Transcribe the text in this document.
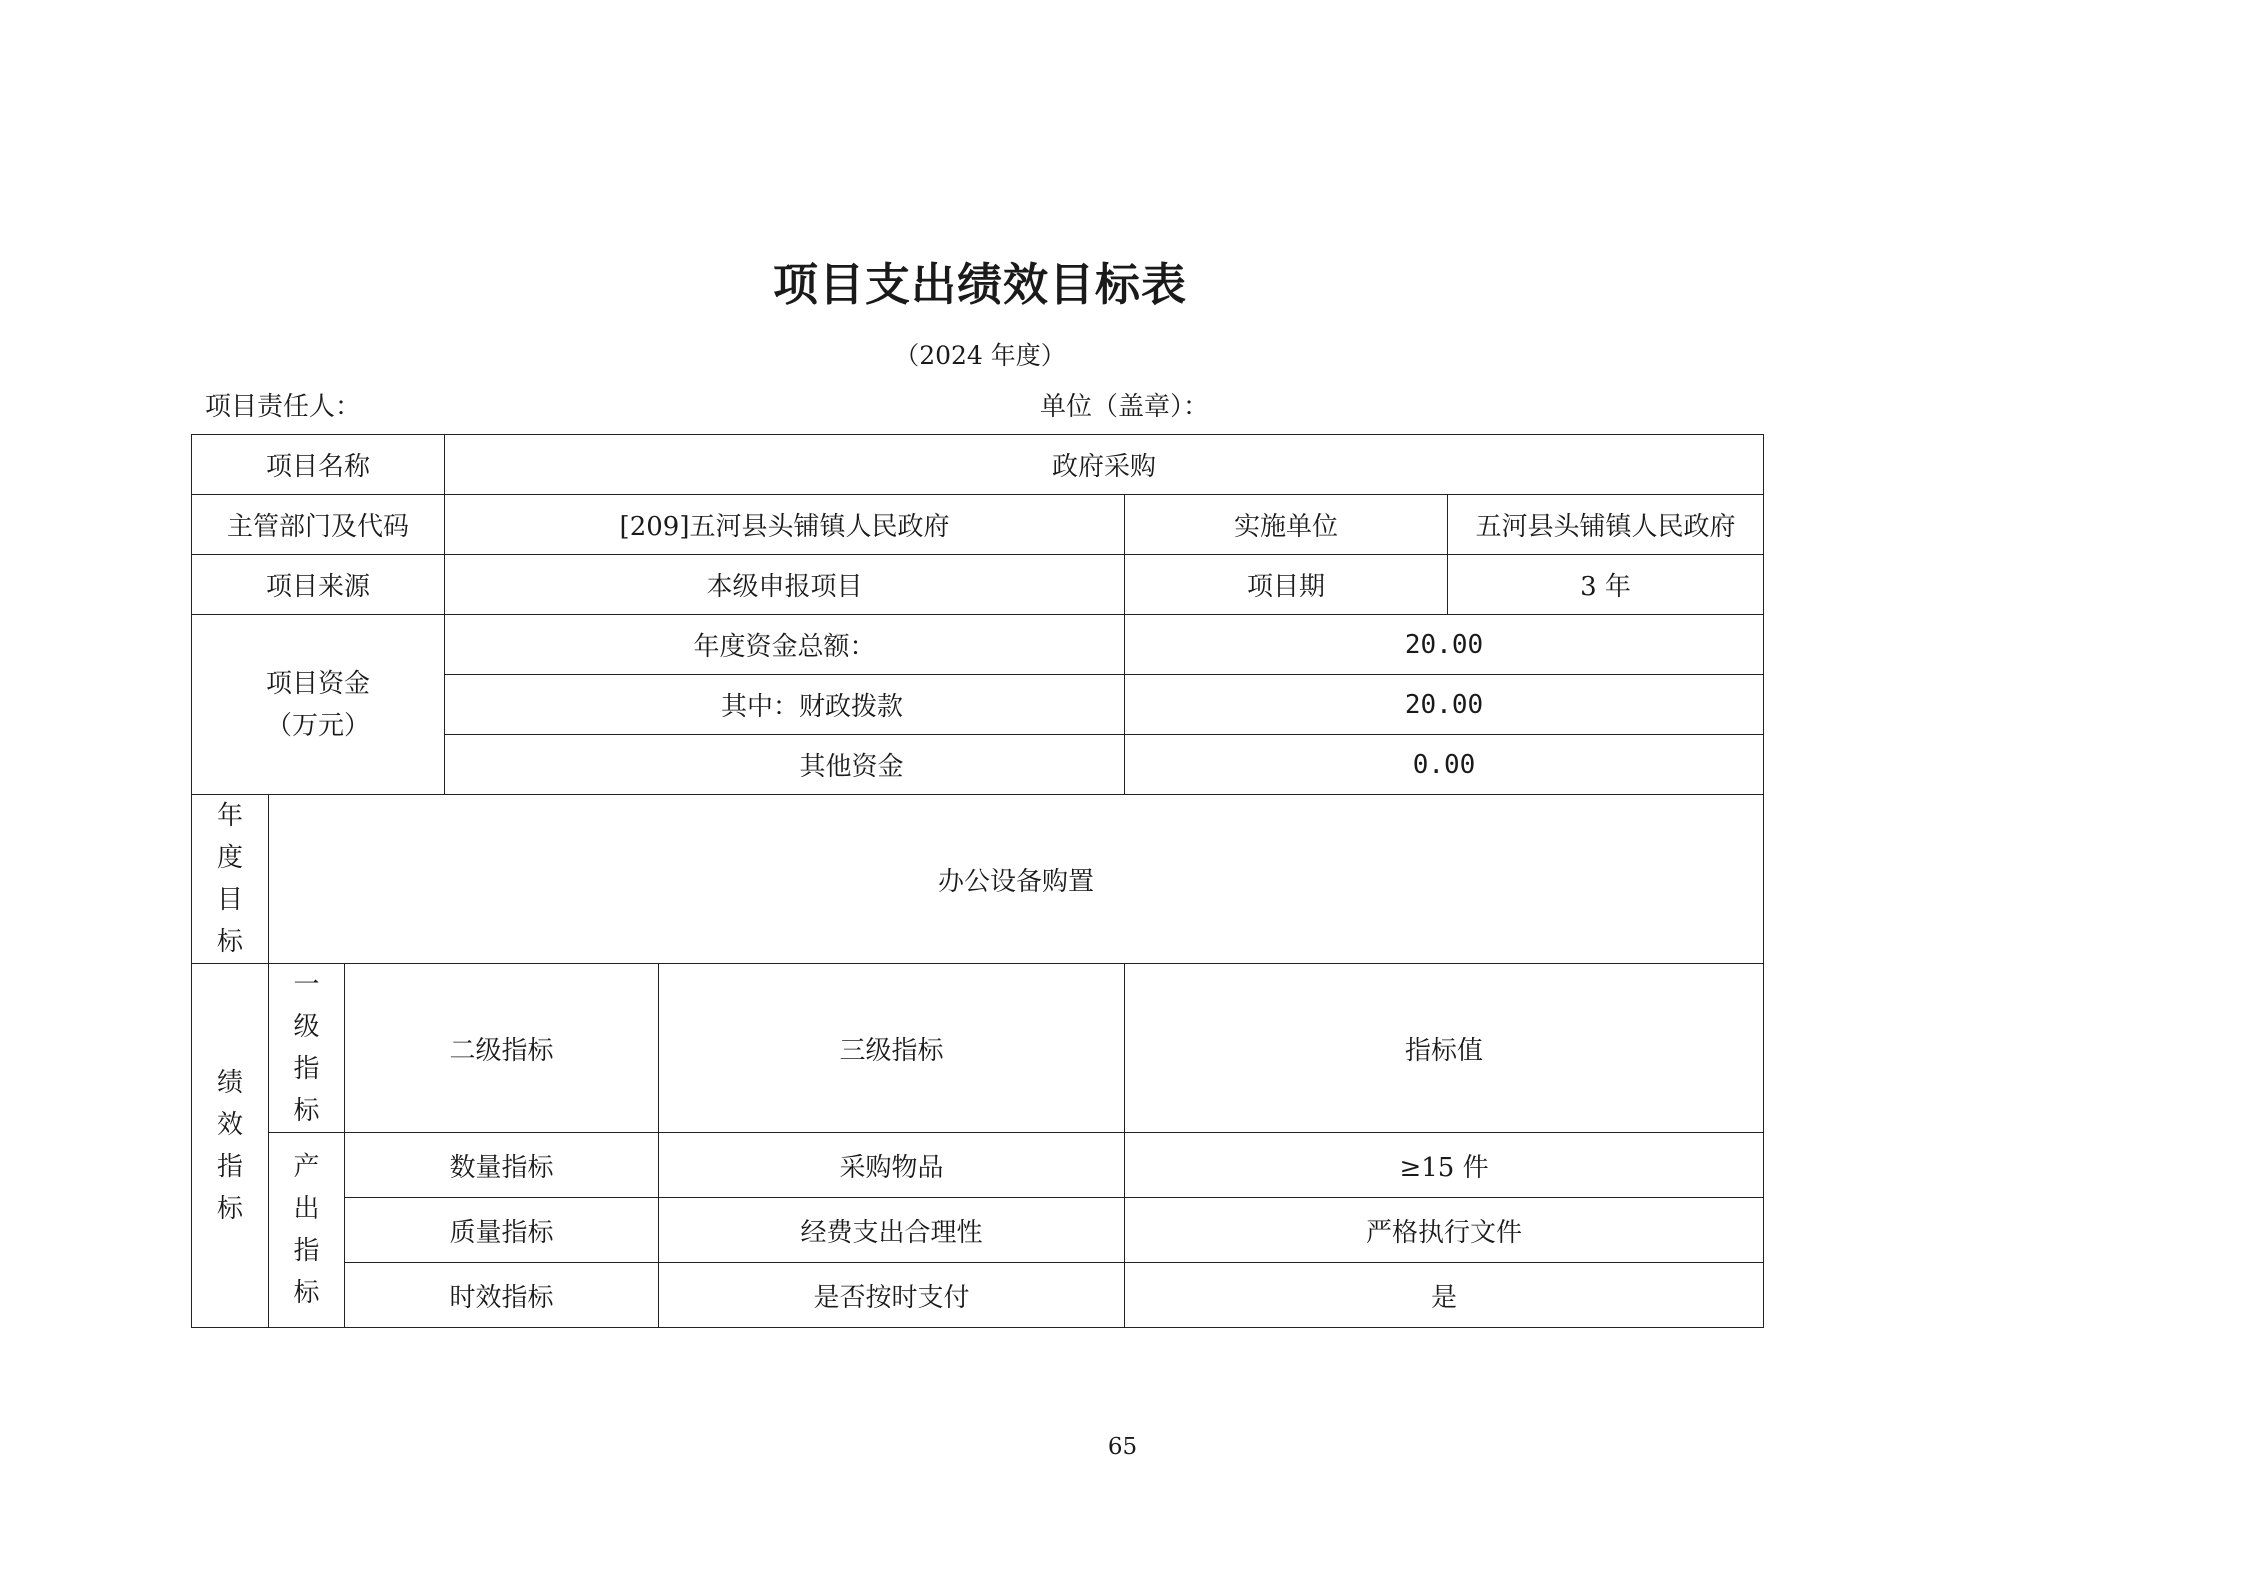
项目支出绩效目标表
（2024 年度）
项目责任人：	单位（盖章）：
项目名称			政府采购			
主管部门及代码			[209]五河县头铺镇人民政府		实施单位	五河县头铺镇人民政府
项目来源			本级申报项目		项目期	3 年

项目资金
（万元）			年度资金总额：		20.00	
			其中：财政拨款		20.00	
			其他资金		0.00	
年度目标	办公设备购置					
绩效指标	一级指标	二级指标		三级指标	指标值	
	产出指标	数量指标		采购物品	≥15 件	
		质量指标		经费支出合理性	严格执行文件	
		时效指标		是否按时支付	是	
65
